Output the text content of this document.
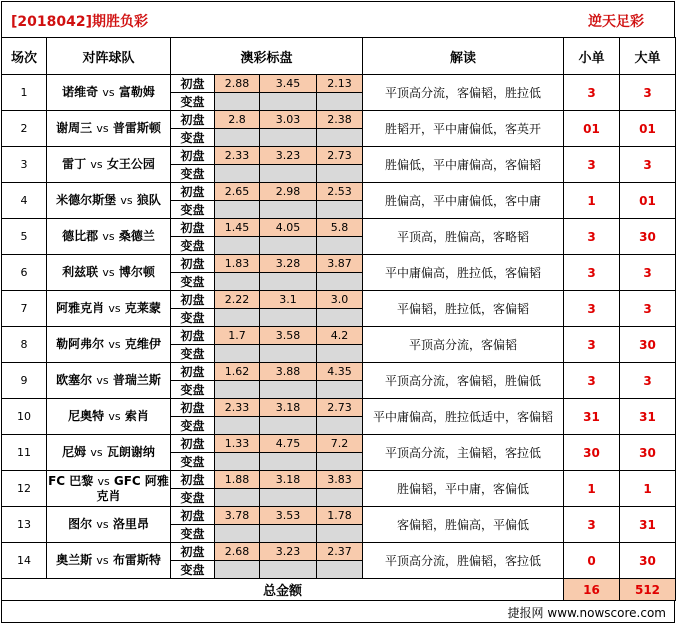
[2018042]期胜负彩	逆天足彩
场次	对阵球队	澳彩标盘				解读	小单	大单
1	诺维奇 vs 富勒姆	初盘	2.88	3.45	2.13	平顶高分流，客偏韬，胜拉低	3	3
		变盘						
2	谢周三 vs 普雷斯顿	初盘	2.8	3.03	2.38	胜韬开，平中庸偏低，客英开	01	01
		变盘						
3	雷丁 vs 女王公园	初盘	2.33	3.23	2.73	胜偏低，平中庸偏高，客偏韬	3	3
		变盘						
4	米德尔斯堡 vs 狼队	初盘	2.65	2.98	2.53	胜偏高，平中庸偏低，客中庸	1	01
		变盘						
5	德比郡 vs 桑德兰	初盘	1.45	4.05	5.8	平顶高，胜偏高，客略韬	3	30
		变盘						
6	利兹联 vs 博尔顿	初盘	1.83	3.28	3.87	平中庸偏高，胜拉低，客偏韬	3	3
		变盘						
7	阿雅克肖 vs 克莱蒙	初盘	2.22	3.1	3.0	平偏韬，胜拉低，客偏韬	3	3
		变盘						
8	勒阿弗尔 vs 克维伊	初盘	1.7	3.58	4.2	平顶高分流，客偏韬	3	30
		变盘						
9	欧塞尔 vs 普瑞兰斯	初盘	1.62	3.88	4.35	平顶高分流，客偏韬，胜偏低	3	3
		变盘						
10	尼奥特 vs 索肖	初盘	2.33	3.18	2.73	平中庸偏高，胜拉低适中，客偏韬	31	31
		变盘						
11	尼姆 vs 瓦朗谢纳	初盘	1.33	4.75	7.2	平顶高分流，主偏韬，客拉低	30	30
		变盘						
12	FC 巴黎 vs GFC 阿雅克肖	初盘	1.88	3.18	3.83	胜偏韬，平中庸，客偏低	1	1
		变盘						
13	图尔 vs 洛里昂	初盘	3.78	3.53	1.78	客偏韬，胜偏高，平偏低	3	31
		变盘						
14	奥兰斯 vs 布雷斯特	初盘	2.68	3.23	2.37	平顶高分流，胜偏韬，客拉低	0	30
		变盘						
总金额							16	512
捷报网 www.nowscore.com
